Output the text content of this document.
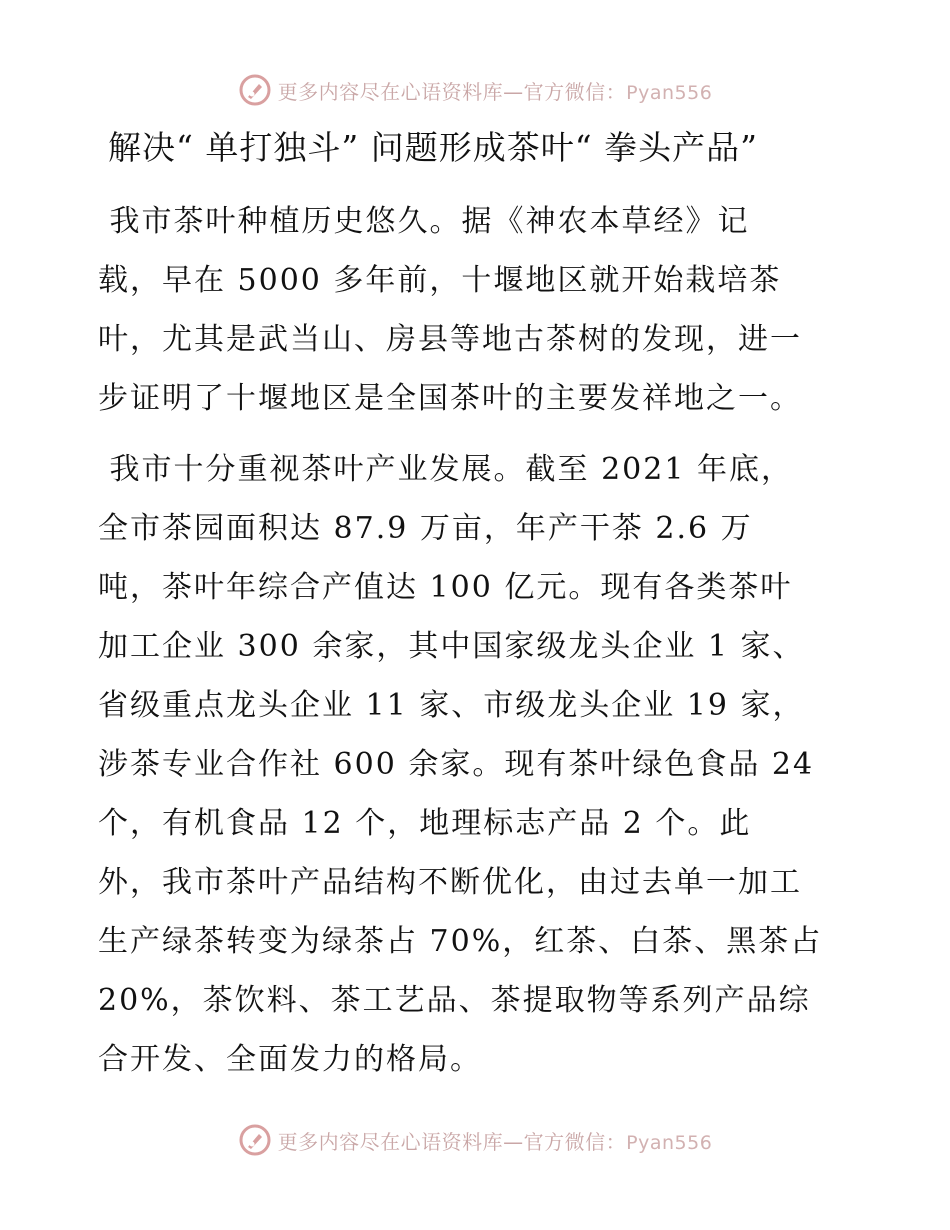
更多内容尽在心语资料库—官方微信：Pyan556
解决“ 单打独斗” 问题形成茶叶“ 拳头产品”
我市茶叶种植历史悠久。据《神农本草经》记
载，早在 5000 多年前，十堰地区就开始栽培茶
叶，尤其是武当山、房县等地古茶树的发现，进一
步证明了十堰地区是全国茶叶的主要发祥地之一。
我市十分重视茶叶产业发展。截至 2021 年底，
全市茶园面积达 87.9 万亩，年产干茶 2.6 万
吨，茶叶年综合产值达 100 亿元。现有各类茶叶
加工企业 300 余家，其中国家级龙头企业 1 家、
省级重点龙头企业 11 家、市级龙头企业 19 家，
涉茶专业合作社 600 余家。现有茶叶绿色食品 24
个，有机食品 12 个，地理标志产品 2 个。此
外，我市茶叶产品结构不断优化，由过去单一加工
生产绿茶转变为绿茶占 70%，红茶、白茶、黑茶占
20%，茶饮料、茶工艺品、茶提取物等系列产品综
合开发、全面发力的格局。
更多内容尽在心语资料库—官方微信：Pyan556
